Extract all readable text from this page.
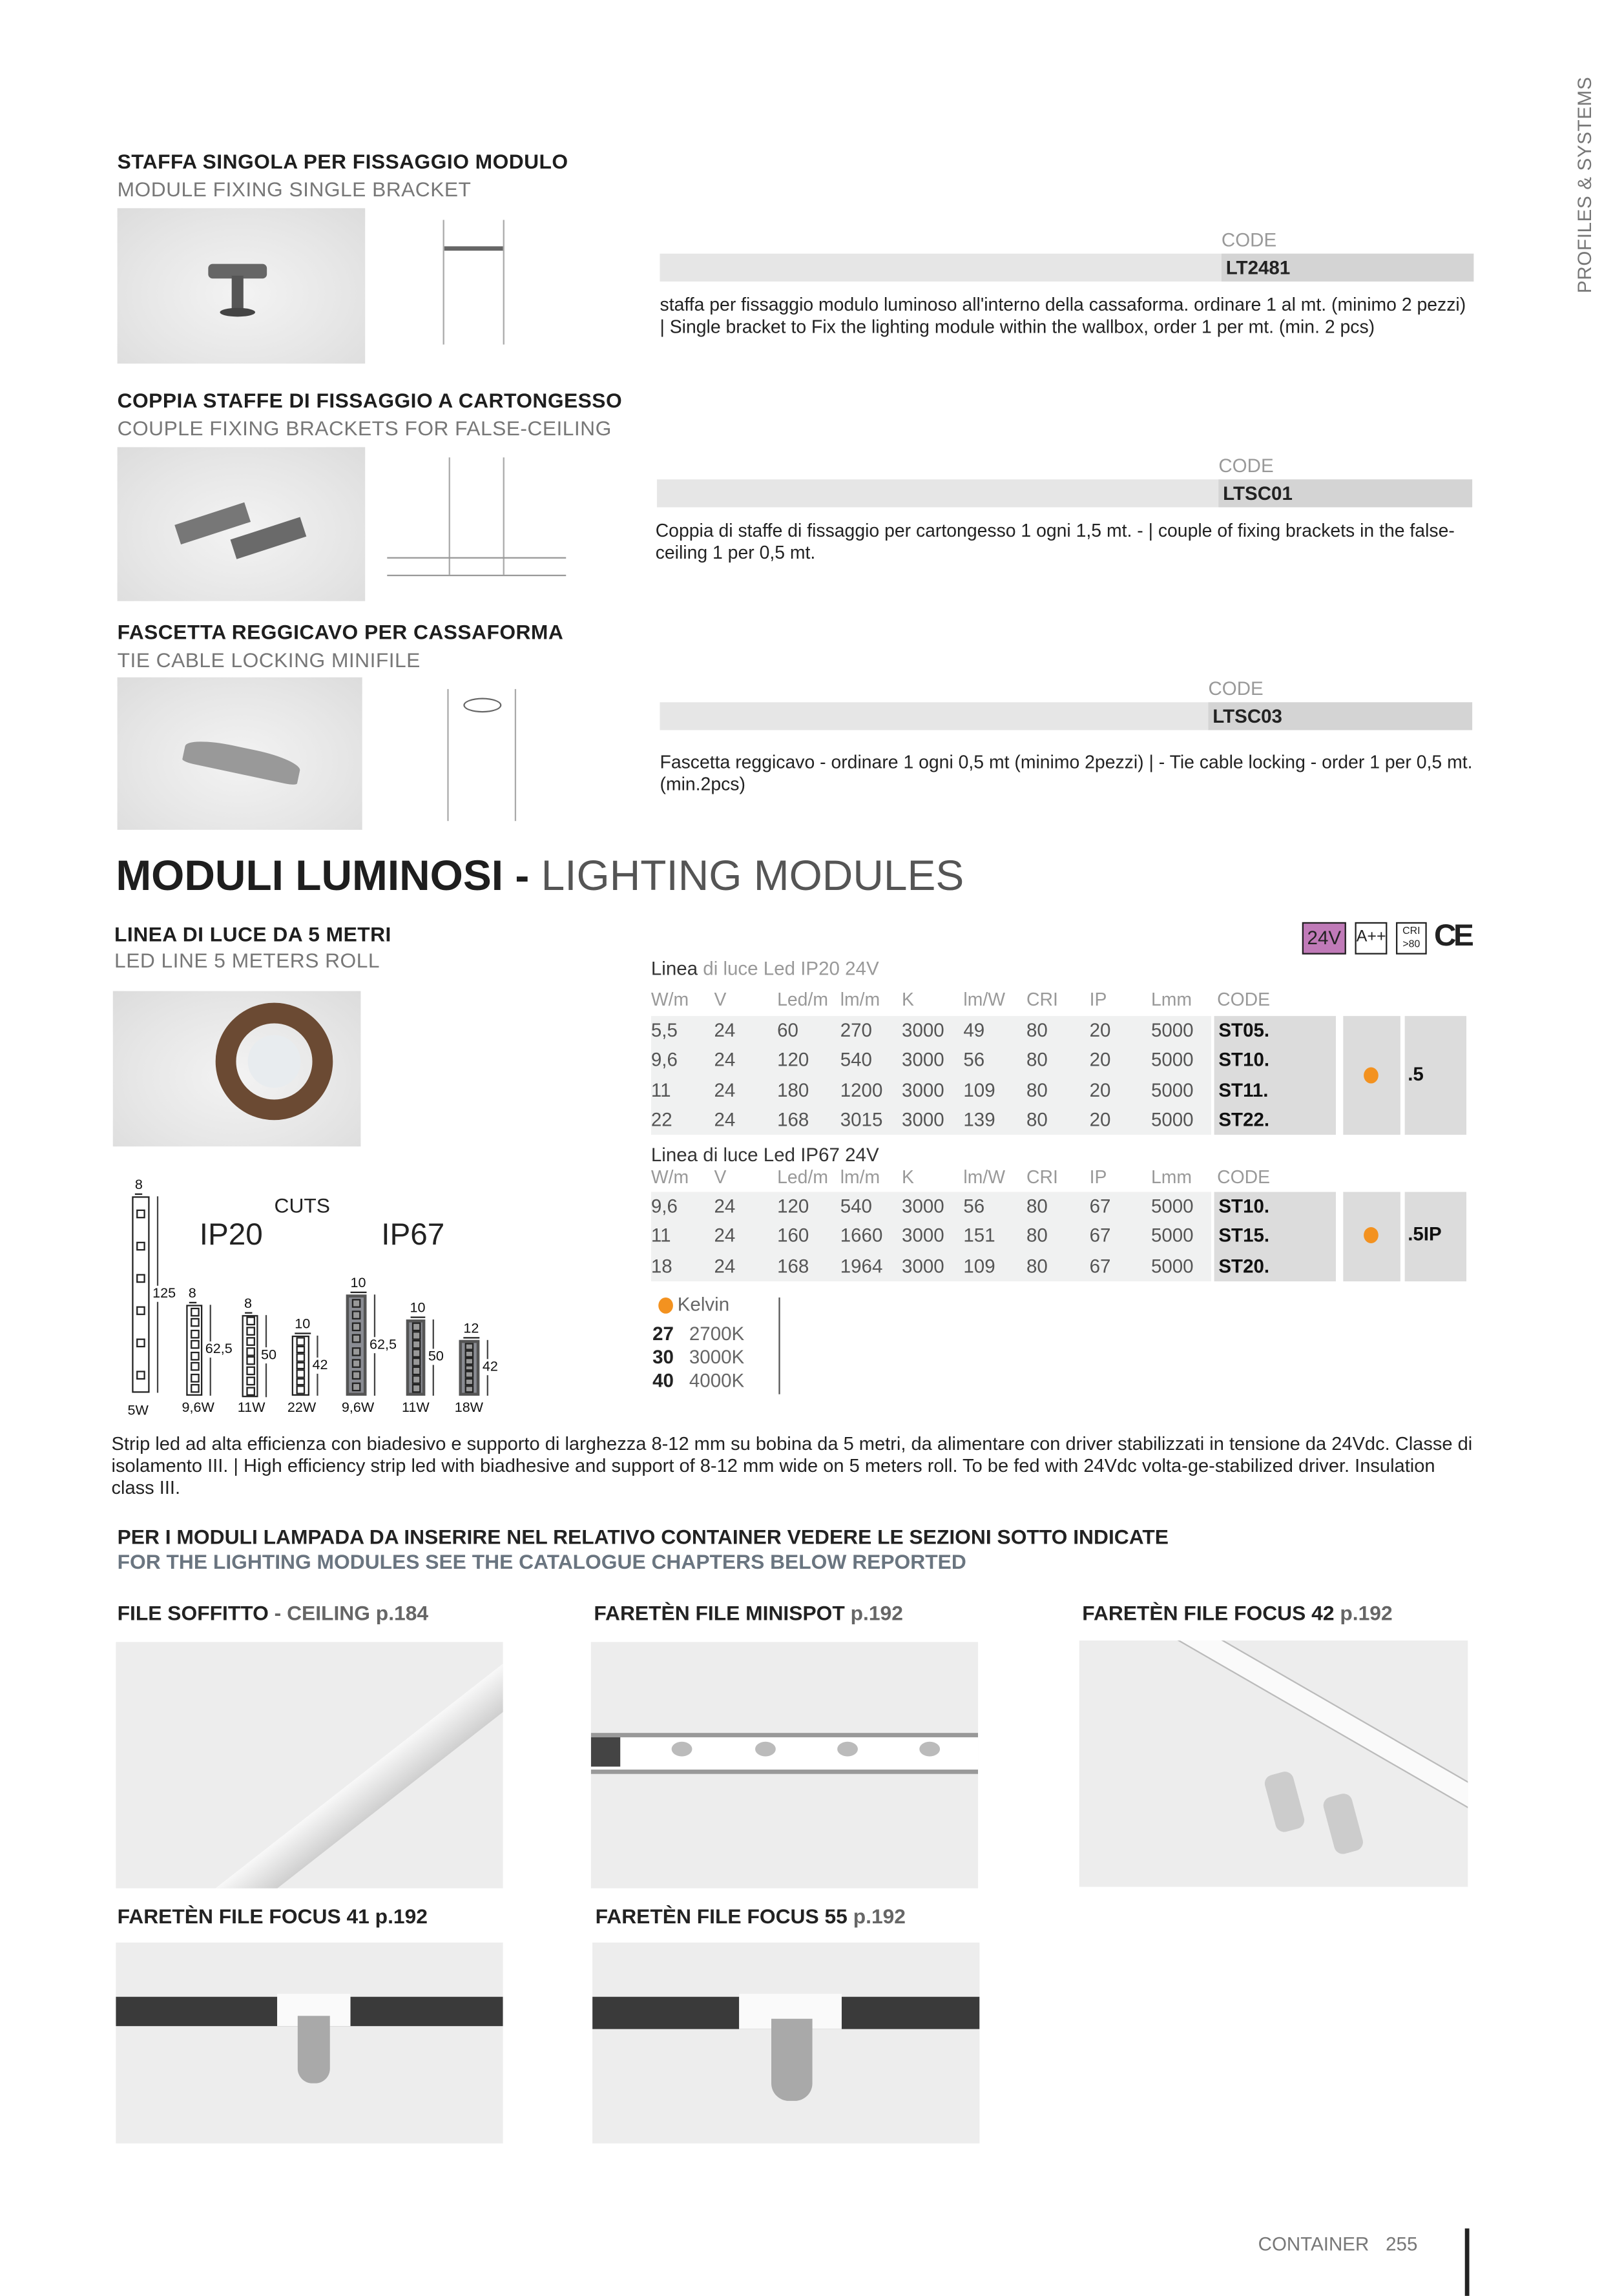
PROFILES & SYSTEMS
STAFFA SINGOLA PER FISSAGGIO MODULO
MODULE FIXING SINGLE BRACKET
CODE
LT2481
staffa per fissaggio modulo luminoso all'interno della cassaforma. ordinare 1 al mt. (minimo 2 pezzi) | Single bracket to Fix the lighting module within the wallbox, order 1 per mt. (min. 2 pcs)
COPPIA STAFFE DI FISSAGGIO A CARTONGESSO
COUPLE FIXING BRACKETS FOR FALSE-CEILING
CODE
LTSC01
Coppia di staffe di fissaggio per cartongesso 1 ogni 1,5 mt. - | couple of fixing brackets in the false-ceiling 1 per 0,5 mt.
FASCETTA REGGICAVO PER CASSAFORMA
TIE CABLE LOCKING MINIFILE
CODE
LTSC03
Fascetta reggicavo - ordinare 1 ogni 0,5 mt (minimo 2pezzi) | - Tie cable locking - order 1 per 0,5 mt. (min.2pcs)
MODULI LUMINOSI - LIGHTING MODULES
LINEA DI LUCE DA 5 METRI
LED LINE 5 METERS ROLL
24V	A++	CRI >80	CE
Linea di luce Led IP20 24V
W/m	V	Led/m lm/m	K	lm/W	CRI	IP	Lmm	CODE
.5
5,5	24	60	270	3000 49	80	20	5000	ST05.
9,6	24	120	540	3000 56	80	20	5000	ST10.
11	24	180	1200 3000 109	80	20	5000	ST11.
22	24	168	3015 3000 139	80	20	5000	ST22.
Linea di luce Led IP67 24V
W/m	V	Led/m lm/m	K	lm/W	CRI	IP	Lmm	CODE
.5IP
9,6	24	120	540	3000 56	80	67	5000	ST10.
11	24	160	1660 3000 151	80	67	5000	ST15.
18	24	168	1964 3000 109	80	67	5000	ST20.
Kelvin
27 2700K
30 3000K
40 4000K
CUTS
IP20	IP67
8
125
5W
8
62,5
9,6W
8
50
11W
10
42
22W
10
62,5
9,6W
10
50
11W
12
42
18W
Strip led ad alta efficienza con biadesivo e supporto di larghezza 8-12 mm su bobina da 5 metri, da alimentare con driver stabilizzati in tensione da 24Vdc. Classe di isolamento III. | High efficiency strip led with biadhesive and support of 8-12 mm wide on 5 meters roll. To be fed with 24Vdc volta-ge-stabilized driver. Insulation class III.
PER I MODULI LAMPADA DA INSERIRE NEL RELATIVO CONTAINER VEDERE LE SEZIONI SOTTO INDICATE
FOR THE LIGHTING MODULES SEE THE CATALOGUE CHAPTERS BELOW REPORTED
FILE SOFFITTO - CEILING p.184	FARETÈN FILE MINISPOT p.192	FARETÈN FILE FOCUS 42 p.192
FARETÈN FILE FOCUS 41 p.192	FARETÈN FILE FOCUS 55 p.192
CONTAINER 255
